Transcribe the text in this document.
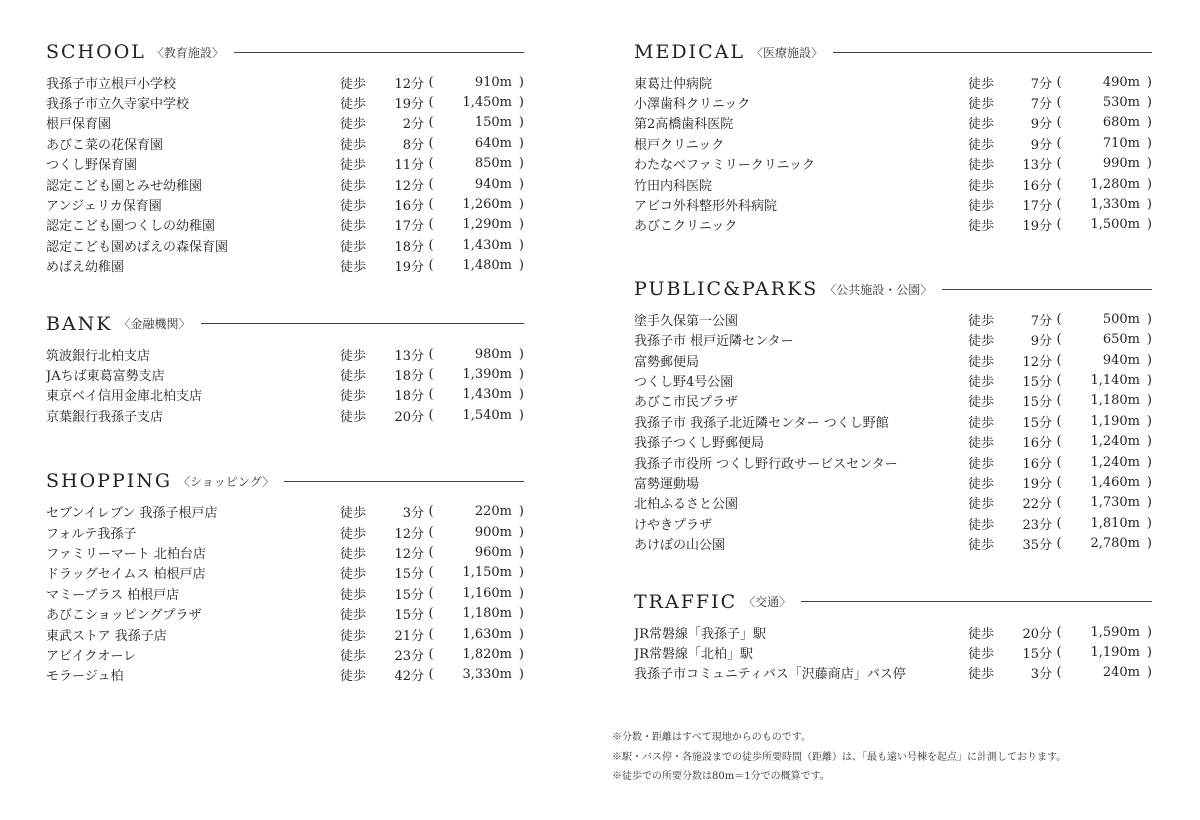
SCHOOL 〈教育施設〉
我孫子市立根戸小学校	徒歩	12分 (	910m )
我孫子市立久寺家中学校	徒歩	19分 (	1,450m )
根戸保育園	徒歩	2分 (	150m )
あびこ菜の花保育園	徒歩	8分 (	640m )
つくし野保育園	徒歩	11分 (	850m )
認定こども園とみせ幼稚園	徒歩	12分 (	940m )
アンジェリカ保育園	徒歩	16分 (	1,260m )
認定こども園つくしの幼稚園	徒歩	17分 (	1,290m )
認定こども園めばえの森保育園	徒歩	18分 (	1,430m )
めばえ幼稚園	徒歩	19分 (	1,480m )
BANK 〈金融機関〉
筑波銀行北柏支店	徒歩	13分 (	980m )
JAちば東葛富勢支店	徒歩	18分 (	1,390m )
東京ベイ信用金庫北柏支店	徒歩	18分 (	1,430m )
京葉銀行我孫子支店	徒歩	20分 (	1,540m )
SHOPPING 〈ショッピング〉
セブンイレブン 我孫子根戸店	徒歩	3分 (	220m )
フォルテ我孫子	徒歩	12分 (	900m )
ファミリーマート 北柏台店	徒歩	12分 (	960m )
ドラッグセイムス 柏根戸店	徒歩	15分 (	1,150m )
マミープラス 柏根戸店	徒歩	15分 (	1,160m )
あびこショッピングプラザ	徒歩	15分 (	1,180m )
東武ストア 我孫子店	徒歩	21分 (	1,630m )
アビイクオーレ	徒歩	23分 (	1,820m )
モラージュ柏	徒歩	42分 (	3,330m )
MEDICAL 〈医療施設〉
東葛辻仲病院	徒歩	7分 (	490m )
小澤歯科クリニック	徒歩	7分 (	530m )
第2高橋歯科医院	徒歩	9分 (	680m )
根戸クリニック	徒歩	9分 (	710m )
わたなべファミリークリニック	徒歩	13分 (	990m )
竹田内科医院	徒歩	16分 (	1,280m )
アビコ外科整形外科病院	徒歩	17分 (	1,330m )
あびこクリニック	徒歩	19分 (	1,500m )
PUBLIC&PARKS 〈公共施設・公園〉
塗手久保第一公園	徒歩	7分 (	500m )
我孫子市 根戸近隣センター	徒歩	9分 (	650m )
富勢郵便局	徒歩	12分 (	940m )
つくし野4号公園	徒歩	15分 (	1,140m )
あびこ市民プラザ	徒歩	15分 (	1,180m )
我孫子市 我孫子北近隣センター つくし野館	徒歩	15分 (	1,190m )
我孫子つくし野郵便局	徒歩	16分 (	1,240m )
我孫子市役所 つくし野行政サービスセンター	徒歩	16分 (	1,240m )
富勢運動場	徒歩	19分 (	1,460m )
北柏ふるさと公園	徒歩	22分 (	1,730m )
けやきプラザ	徒歩	23分 (	1,810m )
あけぼの山公園	徒歩	35分 (	2,780m )
TRAFFIC 〈交通〉
JR常磐線「我孫子」駅	徒歩	20分 (	1,590m )
JR常磐線「北柏」駅	徒歩	15分 (	1,190m )
我孫子市コミュニティバス「沢藤商店」バス停	徒歩	3分 (	240m )
※分数・距離はすべて現地からのものです。
※駅・バス停・各施設までの徒歩所要時間（距離）は、「最も遠い号棟を起点」に計測しております。
※徒歩での所要分数は80m＝1分での概算です。
